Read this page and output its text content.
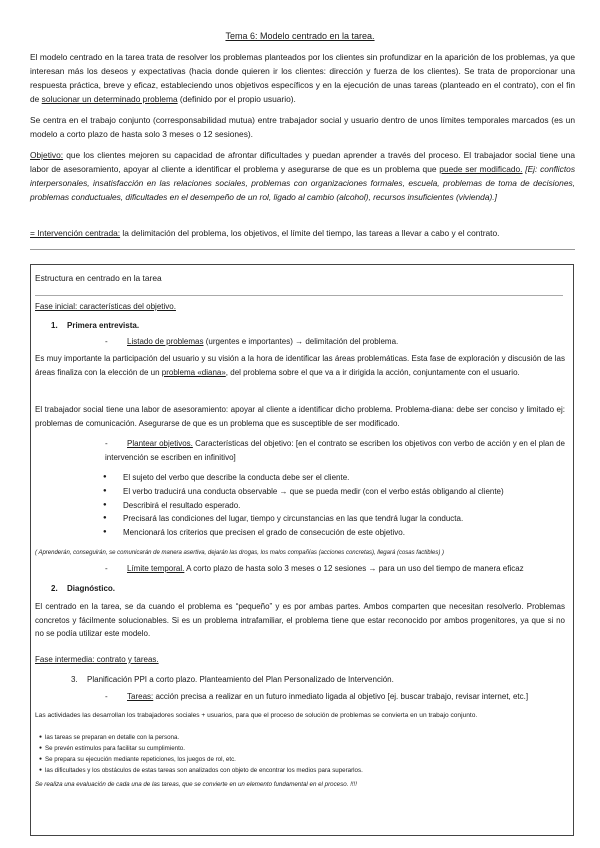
Tema 6: Modelo centrado en la tarea.

El modelo centrado en la tarea trata de resolver los problemas planteados por los clientes sin profundizar en la aparición de los problemas, ya que interesan más los deseos y expectativas (hacia donde quieren ir los clientes: dirección y fuerza de los clientes). Se trata de proporcionar una respuesta práctica, breve y eficaz, estableciendo unos objetivos específicos y en la ejecución de unas tareas (planteado en el contrato), con el fin de solucionar un determinado problema (definido por el propio usuario).

Se centra en el trabajo conjunto (corresponsabilidad mutua) entre trabajador social y usuario dentro de unos límites temporales marcados (es un modelo a corto plazo de hasta solo 3 meses o 12 sesiones).

Objetivo: que los clientes mejoren su capacidad de afrontar dificultades y puedan aprender a través del proceso. El trabajador social tiene una labor de asesoramiento, apoyar al cliente a identificar el problema y asegurarse de que es un problema que puede ser modificado. [Ej: conflictos interpersonales, insatisfacción en las relaciones sociales, problemas con organizaciones formales, escuela, problemas de toma de decisiones, problemas conductuales, dificultades en el desempeño de un rol, ligado al cambio (alcohol), recursos insuficientes (vivienda).]

= Intervención centrada: la delimitación del problema, los objetivos, el límite del tiempo, las tareas a llevar a cabo y el contrato.

Estructura en centrado en la tarea

Fase inicial: características del objetivo.

1. Primera entrevista.

- Listado de problemas (urgentes e importantes) → delimitación del problema.

Es muy importante la participación del usuario y su visión a la hora de identificar las áreas problemáticas. Esta fase de exploración y discusión de las áreas finaliza con la elección de un problema «diana», del problema sobre el que va a ir dirigida la acción, conjuntamente con el usuario.

El trabajador social tiene una labor de asesoramiento: apoyar al cliente a identificar dicho problema. Problema-diana: debe ser conciso y limitado ej: problemas de comunicación. Asegurarse de que es un problema que es susceptible de ser modificado.

- Plantear objetivos. Características del objetivo: [en el contrato se escriben los objetivos con verbo de acción y en el plan de intervención se escriben en infinitivo]

● El sujeto del verbo que describe la conducta debe ser el cliente.
● El verbo traducirá una conducta observable → que se pueda medir (con el verbo estás obligando al cliente)
● Describirá el resultado esperado.
● Precisará las condiciones del lugar, tiempo y circunstancias en las que tendrá lugar la conducta.
● Mencionará los criterios que precisen el grado de consecución de este objetivo.

( Aprenderán, conseguirán, se comunicarán de manera asertiva, dejarán las drogas, los malos compañías (acciones concretas), llegará (cosas factibles) )

- Límite temporal. A corto plazo de hasta solo 3 meses o 12 sesiones → para un uso del tiempo de manera eficaz

2. Diagnóstico.

El centrado en la tarea, se da cuando el problema es “pequeño” y es por ambas partes. Ambos comparten que necesitan resolverlo. Problemas concretos y fácilmente solucionables. Si es un problema intrafamiliar, el problema tiene que estar reconocido por ambos progenitores, ya que si no no se podía utilizar este modelo.

Fase intermedia: contrato y tareas.

3. Planificación PPI a corto plazo. Planteamiento del Plan Personalizado de Intervención.

- Tareas: acción precisa a realizar en un futuro inmediato ligada al objetivo [ej. buscar trabajo, revisar internet, etc.]

Las actividades las desarrollan los trabajadores sociales + usuarios, para que el proceso de solución de problemas se convierta en un trabajo conjunto.

● las tareas se preparan en detalle con la persona.
● Se prevén estímulos para facilitar su cumplimiento.
● Se prepara su ejecución mediante repeticiones, los juegos de rol, etc.
● las dificultades y los obstáculos de estas tareas son analizados con objeto de encontrar los medios para superarlos.

Se realiza una evaluación de cada una de las tareas, que se convierte en un elemento fundamental en el proceso. !!!!
